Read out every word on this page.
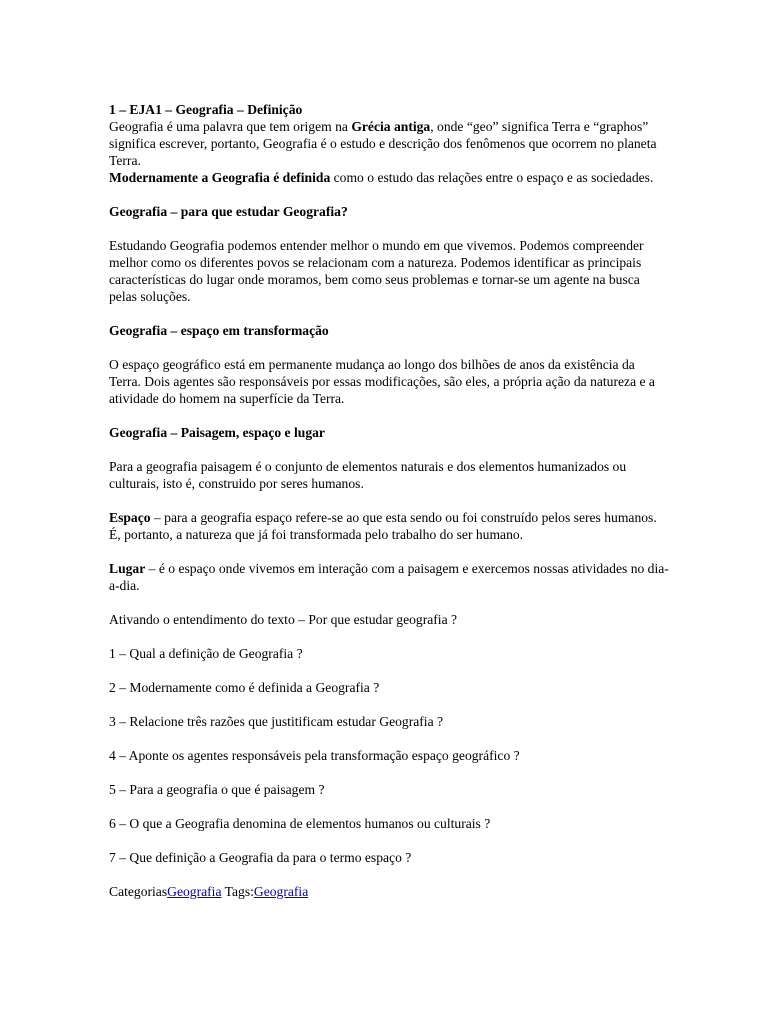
1 – EJA1 – Geografia – Definição

Geografia é uma palavra que tem origem na Grécia antiga, onde “geo” significa Terra e “graphos” significa escrever, portanto, Geografia é o estudo e descrição dos fenômenos que ocorrem no planeta Terra.

Modernamente a Geografia é definida como o estudo das relações entre o espaço e as sociedades.

Geografia – para que estudar Geografia?

Estudando Geografia podemos entender melhor o mundo em que vivemos. Podemos compreender melhor como os diferentes povos se relacionam com a natureza. Podemos identificar as principais características do lugar onde moramos, bem como seus problemas e tornar-se um agente na busca pelas soluções.

Geografia – espaço em transformação

O espaço geográfico está em permanente mudança ao longo dos bilhões de anos da existência da Terra. Dois agentes são responsáveis por essas modificações, são eles, a própria ação da natureza e a atividade do homem na superfície da Terra.

Geografia – Paisagem, espaço e lugar

Para a geografia paisagem é o conjunto de elementos naturais e dos elementos humanizados ou culturais, isto é, construido por seres humanos.

Espaço – para a geografia espaço refere-se ao que esta sendo ou foi construído pelos seres humanos. É, portanto, a natureza que já foi transformada pelo trabalho do ser humano.

Lugar – é o espaço onde vivemos em interação com a paisagem e exercemos nossas atividades no dia-a-dia.

Ativando o entendimento do texto – Por que estudar geografia ?

1 – Qual a definição de Geografia ?

2 – Modernamente como é definida a Geografia ?

3 – Relacione três razões que justitificam estudar Geografia ?

4 – Aponte os agentes responsáveis pela transformação espaço geográfico ?

5 – Para a geografia o que é paisagem ?

6 – O que a Geografia denomina de elementos humanos ou culturais ?

7 – Que definição a Geografia da para o termo espaço ?

CategoriasGeografia Tags:Geografia
